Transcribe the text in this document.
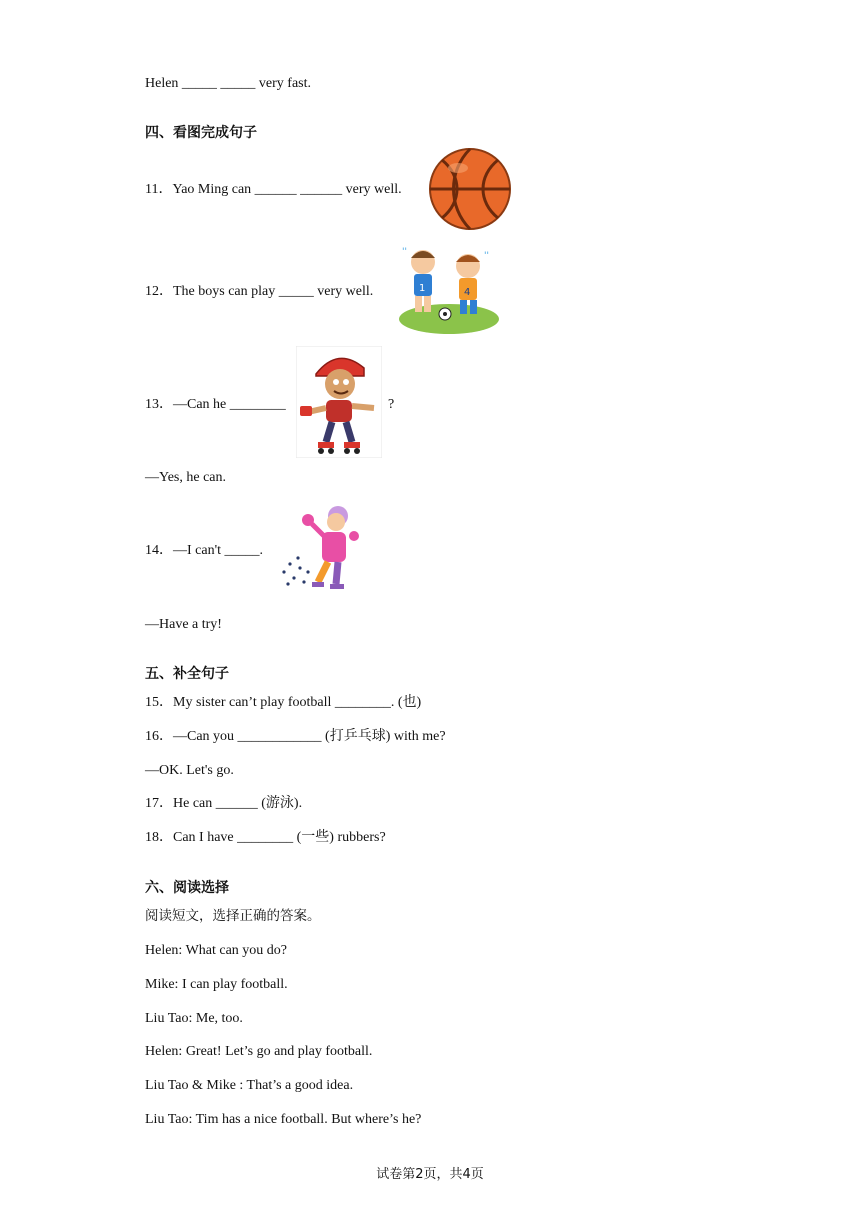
Helen _____ _____ very fast.
四、看图完成句子
11．Yao Ming can ______ ______ very well.
12．The boys can play _____ very well.	1	4
''	''
13．—Can he ________	?
—Yes, he can.
14．—I can't _____.
—Have a try!
五、补全句子
15．My sister can’t play football ________. (也)
16．—Can you ____________ (打乒乓球) with me?
—OK. Let's go.
17．He can ______ (游泳).
18．Can I have ________ (一些) rubbers?
六、阅读选择
阅读短文，选择正确的答案。
Helen: What can you do?
Mike: I can play football.
Liu Tao: Me, too.
Helen: Great! Let’s go and play football.
Liu Tao & Mike : That’s a good idea.
Liu Tao: Tim has a nice football. But where’s he?
试卷第2页，共4页
